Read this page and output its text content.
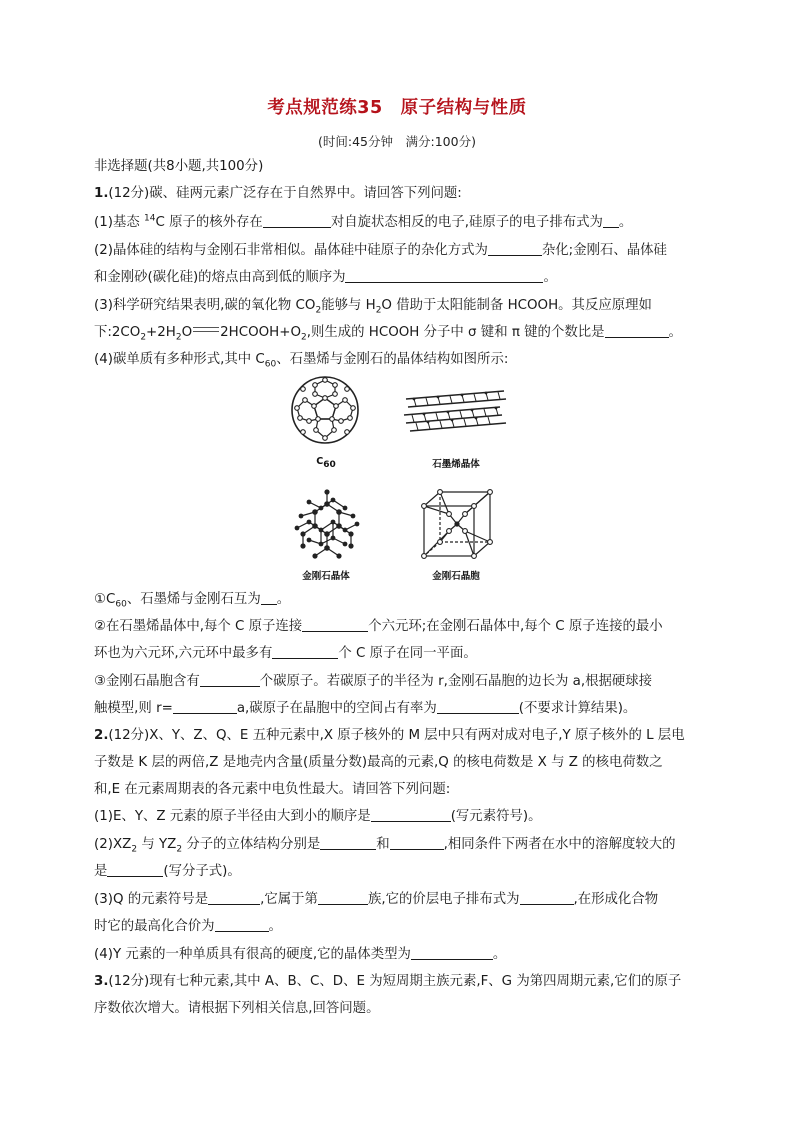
考点规范练35　原子结构与性质
(时间:45分钟　满分:100分)
非选择题(共8小题,共100分)
1.(12分)碳、硅两元素广泛存在于自然界中。请回答下列问题:
(1)基态 $^{14}$C 原子的核外存在	对自旋状态相反的电子,硅原子的电子排布式为 。
(2)晶体硅的结构与金刚石非常相似。晶体硅中硅原子的杂化方式为	杂化;金刚石、晶体硅
和金刚砂(碳化硅)的熔点由高到低的顺序为	。
(3)科学研究结果表明,碳的氧化物 $CO_2$能够与 $H_2O$ 借助于太阳能制备 HCOOH。其反应原理如
下$:2CO_2+2H_2O$ $2HCOOH+O_2$,则生成的 HCOOH 分子中 σ 键和 π 键的个数比是	。
(4)碳单质有多种形式,其中 $C_{60}$、石墨烯与金刚石的晶体结构如图所示:
$C_{60}$	石墨烯晶体
金刚石晶体	金刚石晶胞
$①C_{60}$、石墨烯与金刚石互为 。
②在石墨烯晶体中,每个 C 原子连接	个六元环;在金刚石晶体中,每个 C 原子连接的最小
环也为六元环,六元环中最多有	个 C 原子在同一平面。
③金刚石晶胞含有	个碳原子。若碳原子的半径为 r,金刚石晶胞的边长为 a,根据硬球接
触模型,则 r=	a,碳原子在晶胞中的空间占有率为	(不要求计算结果)。
2.(12分)X、Y、Z、Q、E 五种元素中,X 原子核外的 M 层中只有两对成对电子,Y 原子核外的 L 层电
子数是 K 层的两倍,Z 是地壳内含量(质量分数)最高的元素,Q 的核电荷数是 X 与 Z 的核电荷数之
和,E 在元素周期表的各元素中电负性最大。请回答下列问题:
(1)E、Y、Z 元素的原子半径由大到小的顺序是	(写元素符号)。
$(2)XZ_2$ 与 $YZ_2$ 分子的立体结构分别是	和	,相同条件下两者在水中的溶解度较大的
是	(写分子式)。
(3)Q 的元素符号是	,它属于第	族,它的价层电子排布式为	,在形成化合物
时它的最高化合价为	。
(4)Y 元素的一种单质具有很高的硬度,它的晶体类型为	。
3.(12分)现有七种元素,其中 A、B、C、D、E 为短周期主族元素,F、G 为第四周期元素,它们的原子
序数依次增大。请根据下列相关信息,回答问题。
